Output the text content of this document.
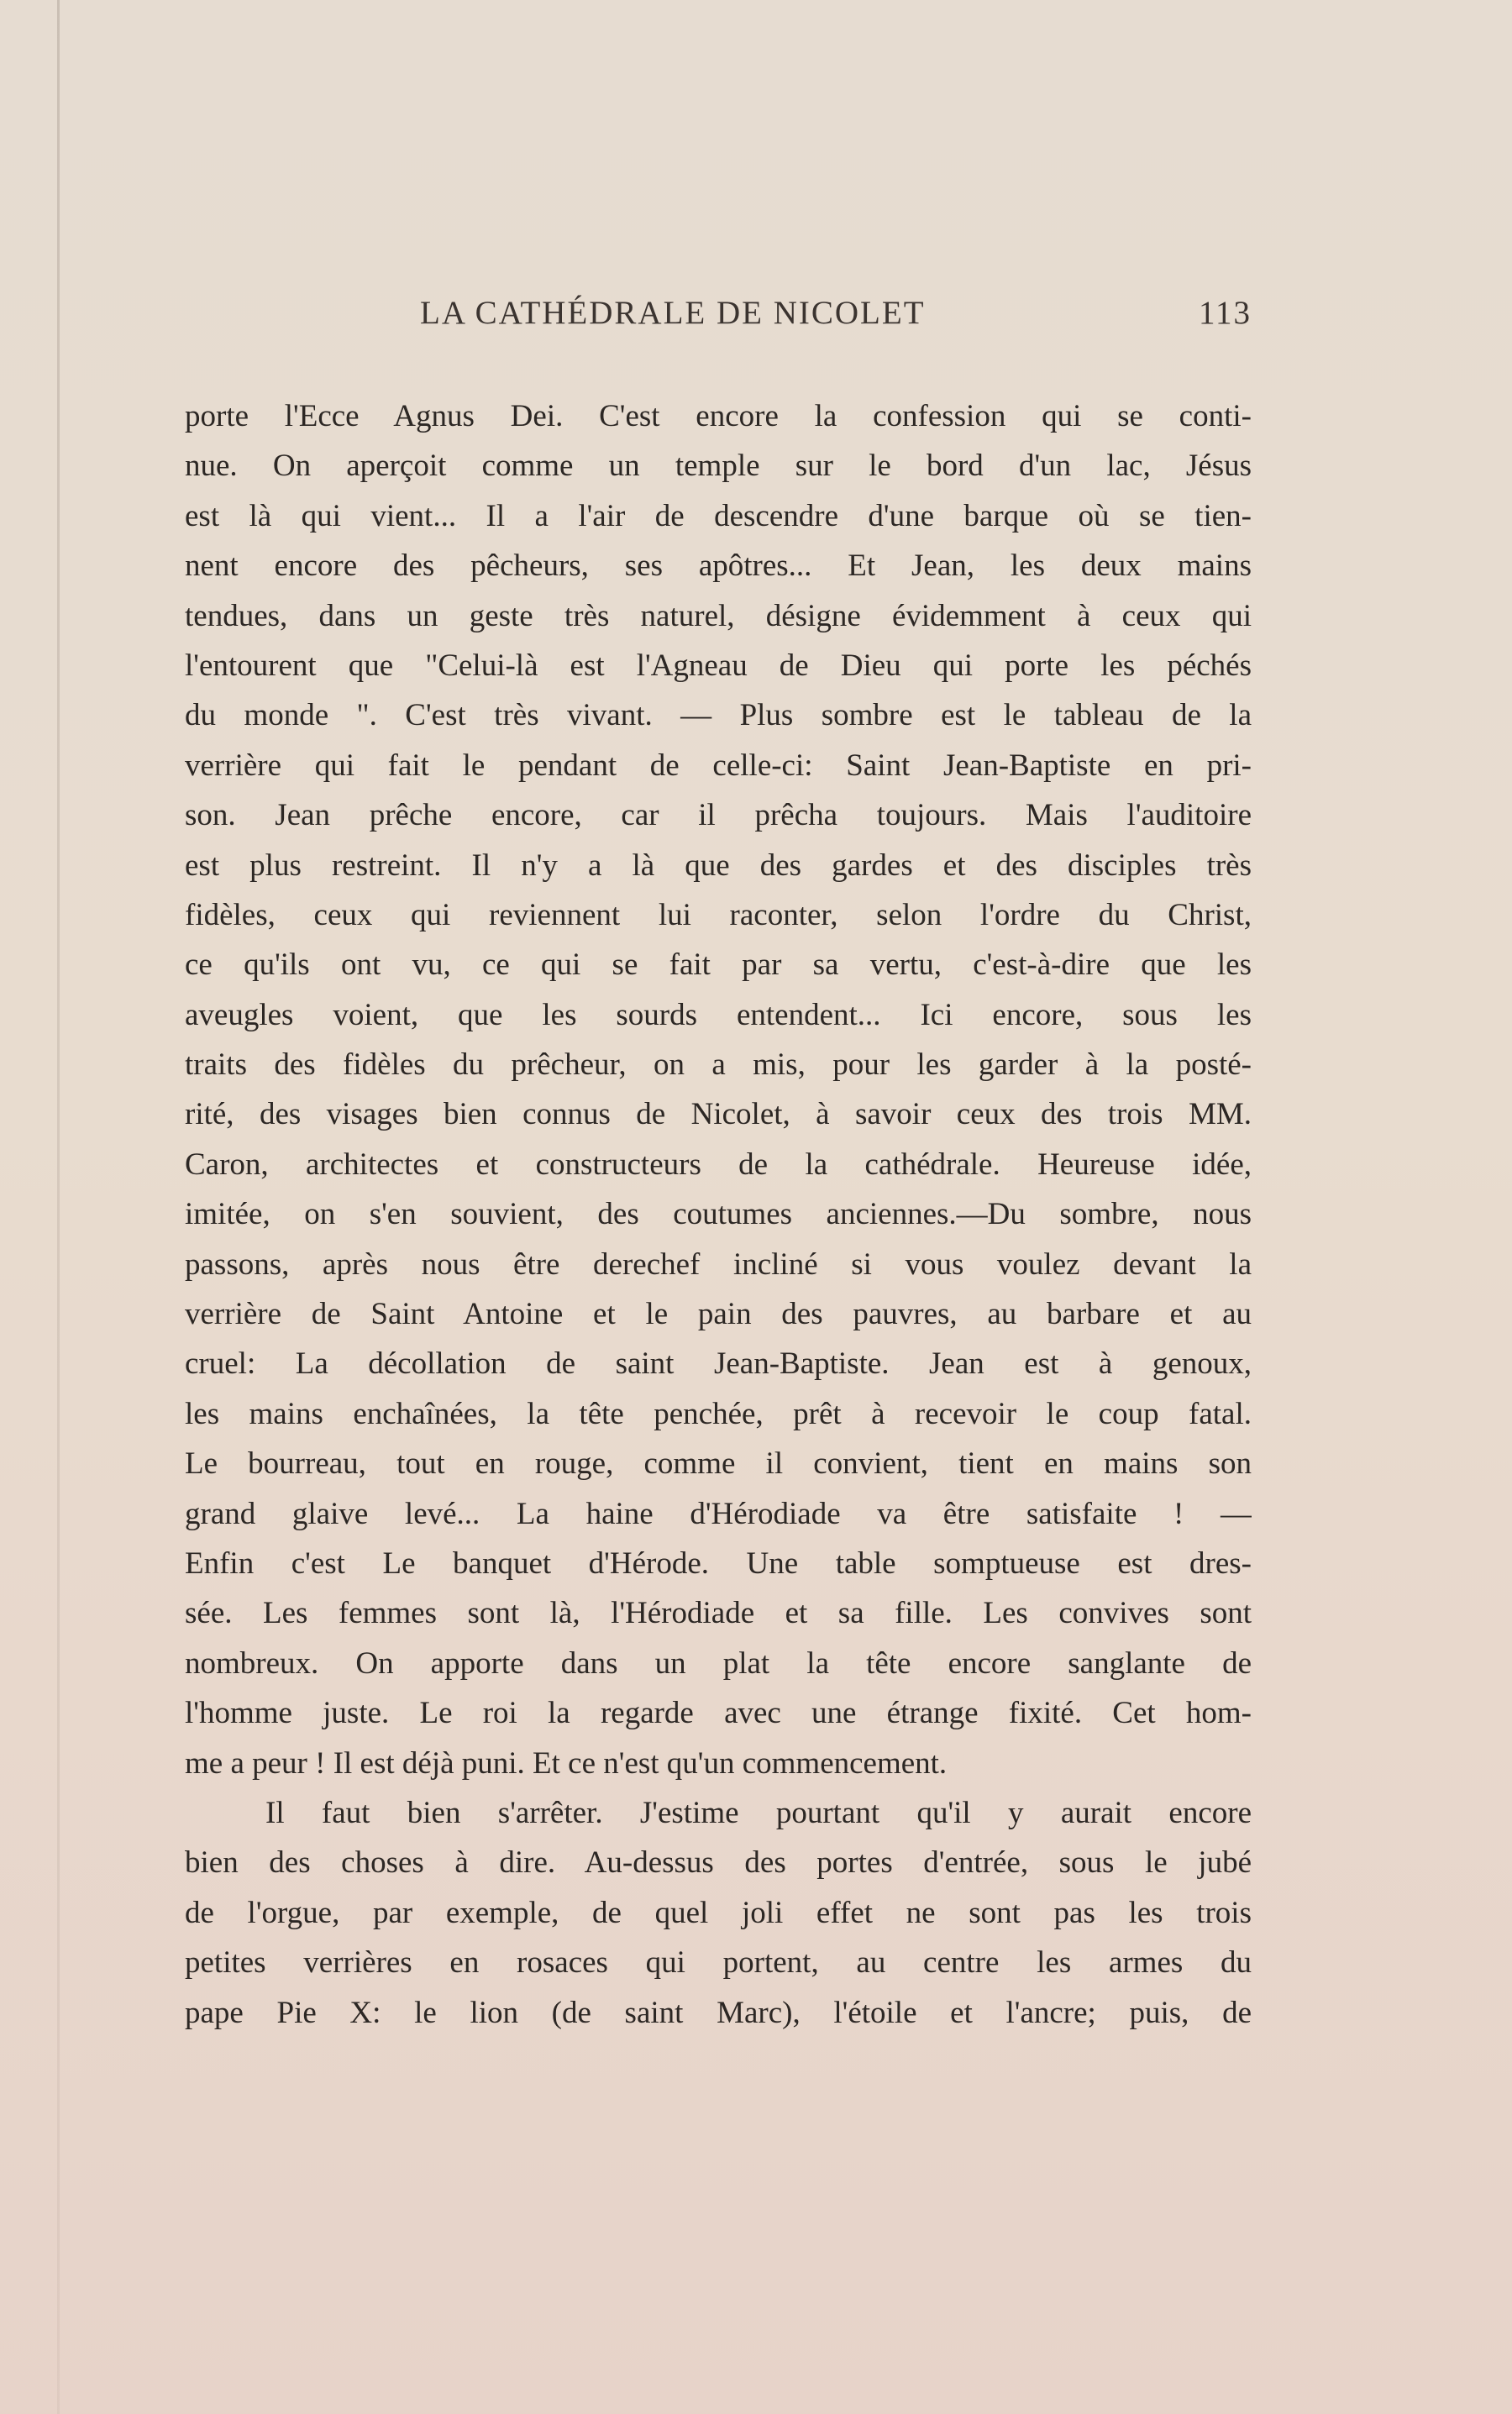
LA CATHÉDRALE DE NICOLET	113
porte l'Ecce Agnus Dei. C'est encore la confession qui se conti-
nue. On aperçoit comme un temple sur le bord d'un lac, Jésus
est là qui vient... Il a l'air de descendre d'une barque où se tien-
nent encore des pêcheurs, ses apôtres... Et Jean, les deux mains
tendues, dans un geste très naturel, désigne évidemment à ceux qui
l'entourent que "Celui-là est l'Agneau de Dieu qui porte les péchés
du monde ". C'est très vivant. — Plus sombre est le tableau de la
verrière qui fait le pendant de celle-ci: Saint Jean-Baptiste en pri-
son. Jean prêche encore, car il prêcha toujours. Mais l'auditoire
est plus restreint. Il n'y a là que des gardes et des disciples très
fidèles, ceux qui reviennent lui raconter, selon l'ordre du Christ,
ce qu'ils ont vu, ce qui se fait par sa vertu, c'est-à-dire que les
aveugles voient, que les sourds entendent... Ici encore, sous les
traits des fidèles du prêcheur, on a mis, pour les garder à la posté-
rité, des visages bien connus de Nicolet, à savoir ceux des trois MM.
Caron, architectes et constructeurs de la cathédrale. Heureuse idée,
imitée, on s'en souvient, des coutumes anciennes.—Du sombre, nous
passons, après nous être derechef incliné si vous voulez devant la
verrière de Saint Antoine et le pain des pauvres, au barbare et au
cruel: La décollation de saint Jean-Baptiste. Jean est à genoux,
les mains enchaînées, la tête penchée, prêt à recevoir le coup fatal.
Le bourreau, tout en rouge, comme il convient, tient en mains son
grand glaive levé... La haine d'Hérodiade va être satisfaite ! —
Enfin c'est Le banquet d'Hérode. Une table somptueuse est dres-
sée. Les femmes sont là, l'Hérodiade et sa fille. Les convives sont
nombreux. On apporte dans un plat la tête encore sanglante de
l'homme juste. Le roi la regarde avec une étrange fixité. Cet hom-
me a peur ! Il est déjà puni. Et ce n'est qu'un commencement.
Il faut bien s'arrêter. J'estime pourtant qu'il y aurait encore
bien des choses à dire. Au-dessus des portes d'entrée, sous le jubé
de l'orgue, par exemple, de quel joli effet ne sont pas les trois
petites verrières en rosaces qui portent, au centre les armes du
pape Pie X: le lion (de saint Marc), l'étoile et l'ancre; puis, de
